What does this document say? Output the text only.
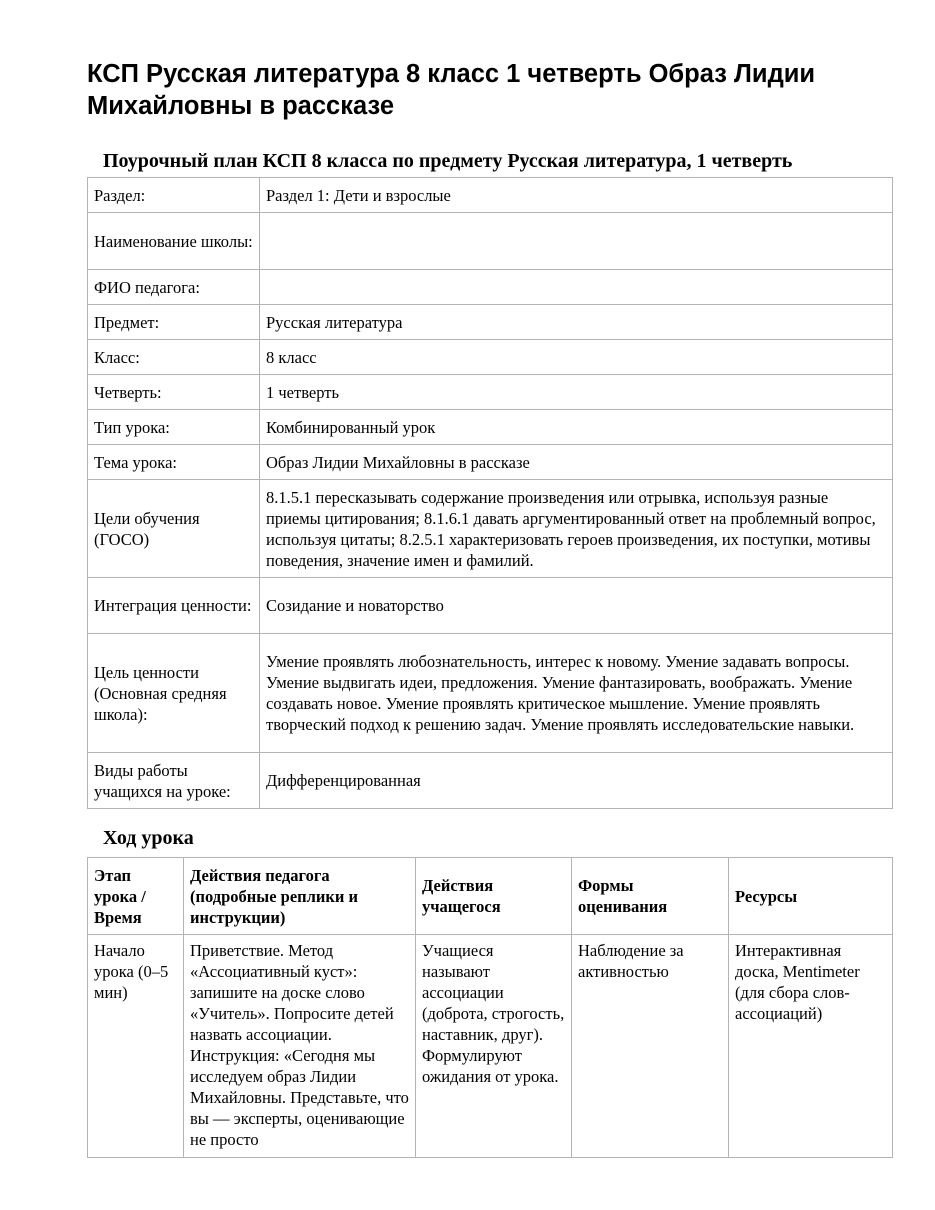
КСП Русская литература 8 класс 1 четверть Образ Лидии Михайловны в рассказе
Поурочный план КСП 8 класса по предмету Русская литература, 1 четверть
Раздел:	Раздел 1: Дети и взрослые
Наименование школы:	
ФИО педагога:	
Предмет:	Русская литература
Класс:	8 класс
Четверть:	1 четверть
Тип урока:	Комбинированный урок
Тема урока:	Образ Лидии Михайловны в рассказе
Цели обучения (ГОСО)	8.1.5.1 пересказывать содержание произведения или отрывка, используя разные приемы цитирования; 8.1.6.1 давать аргументированный ответ на проблемный вопрос, используя цитаты; 8.2.5.1 характеризовать героев произведения, их поступки, мотивы поведения, значение имен и фамилий.
Интеграция ценности:	Созидание и новаторство
Цель ценности (Основная средняя школа):	Умение проявлять любознательность, интерес к новому. Умение задавать вопросы. Умение выдвигать идеи, предложения. Умение фантазировать, воображать. Умение создавать новое. Умение проявлять критическое мышление. Умение проявлять творческий подход к решению задач. Умение проявлять исследовательские навыки.
Виды работы учащихся на уроке:	Дифференцированная
Ход урока
Этап урока / Время	Действия педагога (подробные реплики и инструкции)	Действия учащегося	Формы оценивания	Ресурсы
Начало урока (0–5 мин)	Приветствие. Метод «Ассоциативный куст»: запишите на доске слово «Учитель». Попросите детей назвать ассоциации. Инструкция: «Сегодня мы исследуем образ Лидии Михайловны. Представьте, что вы — эксперты, оценивающие не просто	Учащиеся называют ассоциации (доброта, строгость, наставник, друг). Формулируют ожидания от урока.	Наблюдение за активностью	Интерактивная доска, Mentimeter (для сбора слов-ассоциаций)
